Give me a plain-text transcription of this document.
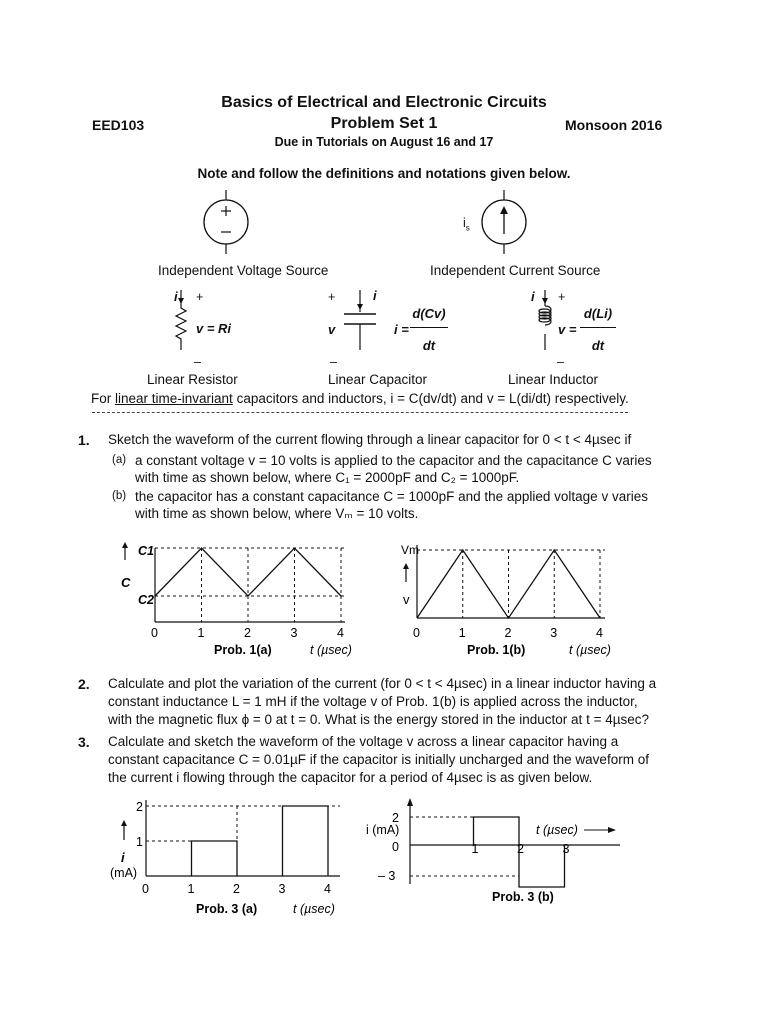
Basics of Electrical and Electronic Circuits
EED103	Problem Set 1	Monsoon 2016
Due in Tutorials on August 16 and 17
Note and follow the definitions and notations given below.
$i_s$
Independent Voltage Source	Independent Current Source
i +
v = Ri
–
+	i
v	i =
d(Cv)
dt
–
i +
v =
d(Li)
dt
–
Linear Resistor	Linear Capacitor	Linear Inductor
For linear time-invariant capacitors and inductors, i = C(dv/dt) and v = L(di/dt) respectively.
1. Sketch the waveform of the current flowing through a linear capacitor for 0 < t < 4µsec if
(a) a constant voltage v = 10 volts is applied to the capacitor and the capacitance C varies
with time as shown below, where C₁ = 2000pF and C₂ = 1000pF.
(b) the capacitor has a constant capacitance C = 1000pF and the applied voltage v varies
with time as shown below, where Vₘ = 10 volts.
C1
C
C2
0	1	2	3	4
Prob. 1(a)	t (µsec)
Vm
v
0	1	2	3	4
Prob. 1(b)	t (µsec)
2. Calculate and plot the variation of the current (for 0 < t < 4µsec) in a linear inductor having a
constant inductance L = 1 mH if the voltage v of Prob. 1(b) is applied across the inductor,
with the magnetic flux ϕ = 0 at t = 0. What is the energy stored in the inductor at t = 4µsec?
3. Calculate and sketch the waveform of the voltage v across a linear capacitor having a
constant capacitance C = 0.01µF if the capacitor is initially uncharged and the waveform of
the current i flowing through the capacitor for a period of 4µsec is as given below.
2
1
i
(mA)
0	1	2	3	4
Prob. 3 (a)	t (µsec)
2
0
– 3
i (mA)
1	2	3
t (µsec)
Prob. 3 (b)
